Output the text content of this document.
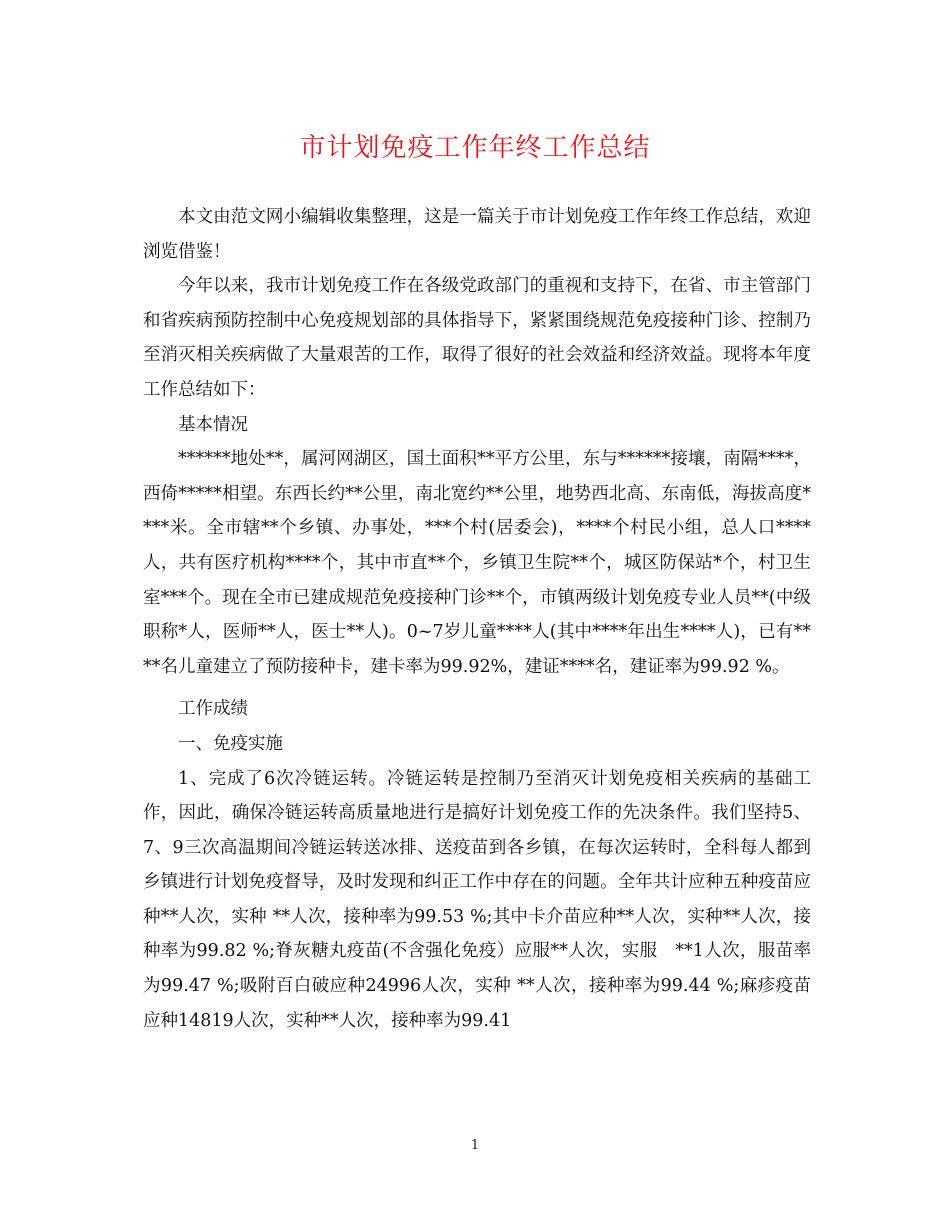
市计划免疫工作年终工作总结

本文由范文网小编辑收集整理，这是一篇关于市计划免疫工作年终工作总结，欢迎浏览借鉴！

今年以来，我市计划免疫工作在各级党政部门的重视和支持下，在省、市主管部门和省疾病预防控制中心免疫规划部的具体指导下，紧紧围绕规范免疫接种门诊、控制乃至消灭相关疾病做了大量艰苦的工作，取得了很好的社会效益和经济效益。现将本年度工作总结如下：

基本情况

******地处**，属河网湖区，国土面积**平方公里，东与******接壤，南隔****，西倚*****相望。东西长约**公里，南北宽约**公里，地势西北高、东南低，海拔高度****米。全市辖**个乡镇、办事处，***个村(居委会)，****个村民小组，总人口****人，共有医疗机构****个，其中市直**个，乡镇卫生院**个，城区防保站*个，村卫生室***个。现在全市已建成规范免疫接种门诊**个，市镇两级计划免疫专业人员**(中级职称*人，医师**人，医士**人)。0~7岁儿童****人(其中****年出生****人)，已有****名儿童建立了预防接种卡，建卡率为99.92%，建证****名，建证率为99.92 %。

工作成绩

一、免疫实施

1、完成了6次冷链运转。冷链运转是控制乃至消灭计划免疫相关疾病的基础工作，因此，确保冷链运转高质量地进行是搞好计划免疫工作的先决条件。我们坚持5、7、9三次高温期间冷链运转送冰排、送疫苗到各乡镇，在每次运转时，全科每人都到乡镇进行计划免疫督导，及时发现和纠正工作中存在的问题。全年共计应种五种疫苗应种**人次，实种 **人次，接种率为99.53 %;其中卡介苗应种**人次，实种**人次，接种率为99.82 %;脊灰糖丸疫苗(不含强化免疫）应服**人次，实服　**1人次，服苗率为99.47 %;吸附百白破应种24996人次，实种 **人次，接种率为99.44 %;麻疹疫苗应种14819人次，实种**人次，接种率为99.41

1
